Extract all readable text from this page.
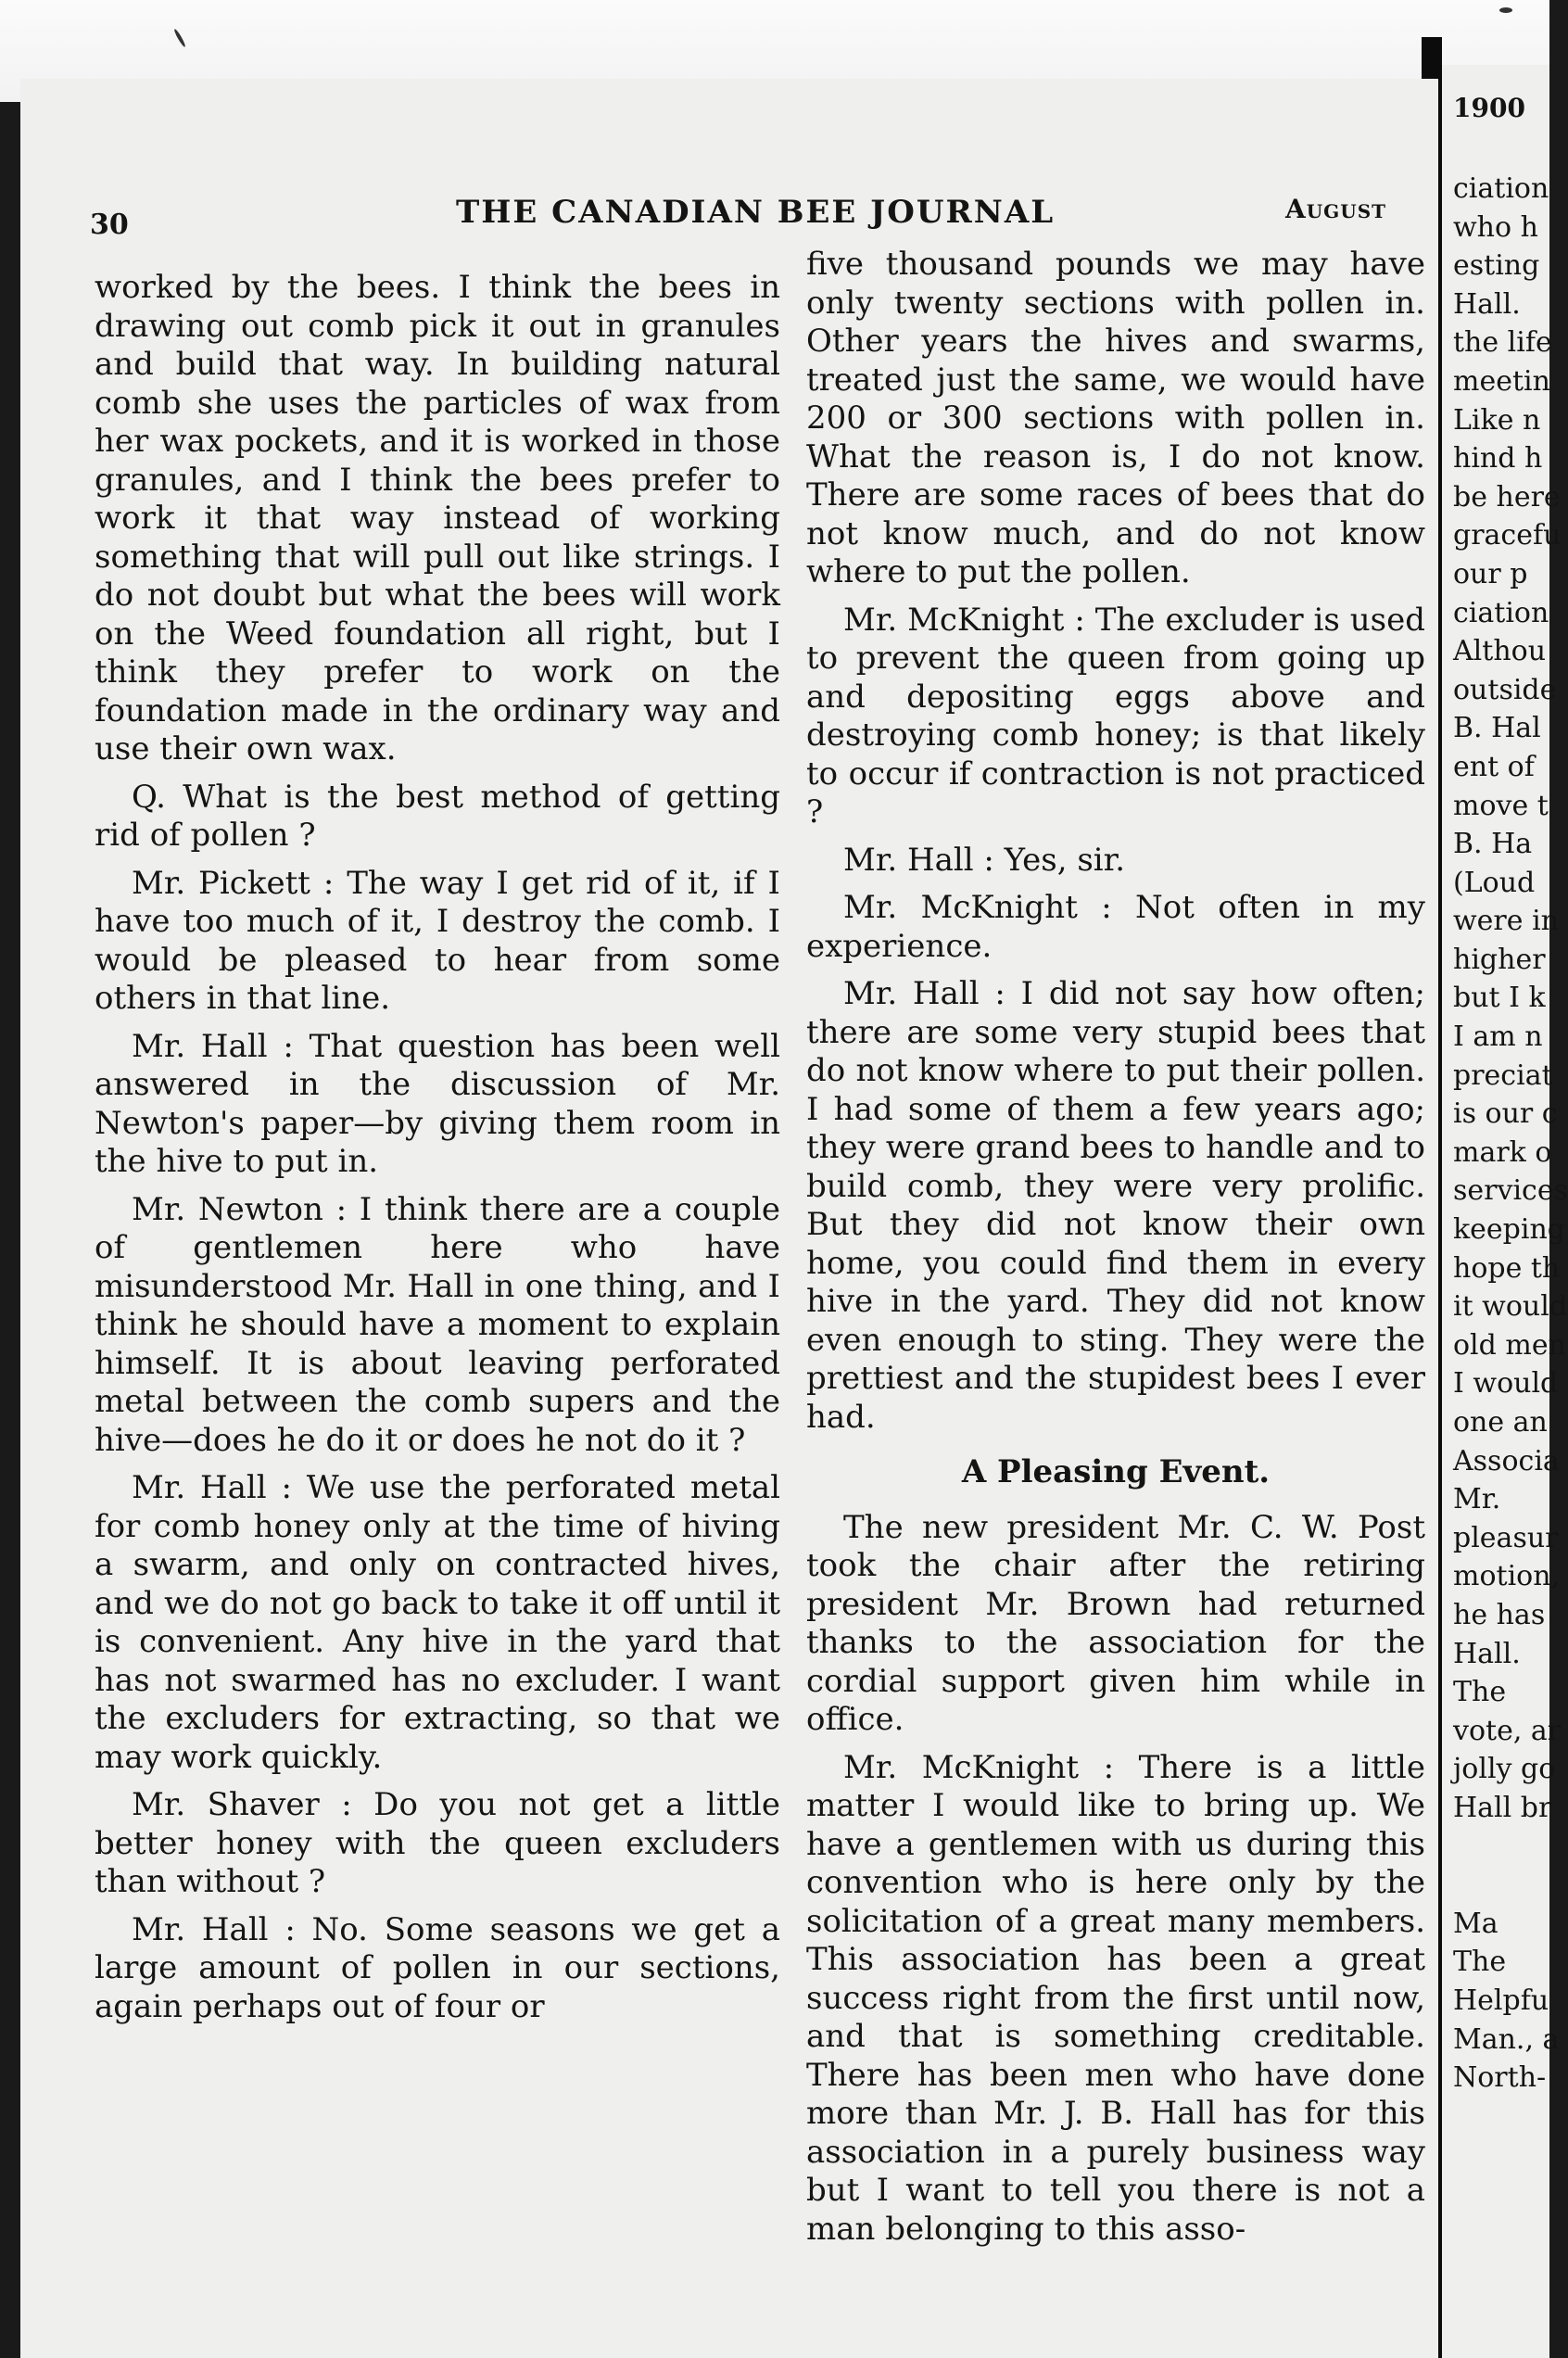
30	THE CANADIAN BEE JOURNAL	August

worked by the bees. I think the bees in drawing out comb pick it out in granules and build that way. In building natural comb she uses the particles of wax from her wax pockets, and it is worked in those granules, and I think the bees prefer to work it that way instead of working something that will pull out like strings. I do not doubt but what the bees will work on the Weed foundation all right, but I think they prefer to work on the foundation made in the ordinary way and use their own wax.

Q. What is the best method of getting rid of pollen ?

Mr. Pickett : The way I get rid of it, if I have too much of it, I destroy the comb. I would be pleased to hear from some others in that line.

Mr. Hall : That question has been well answered in the discussion of Mr. Newton's paper—by giving them room in the hive to put in.

Mr. Newton : I think there are a couple of gentlemen here who have misunderstood Mr. Hall in one thing, and I think he should have a moment to explain himself. It is about leaving perforated metal between the comb supers and the hive—does he do it or does he not do it ?

Mr. Hall : We use the perforated metal for comb honey only at the time of hiving a swarm, and only on contracted hives, and we do not go back to take it off until it is convenient. Any hive in the yard that has not swarmed has no excluder. I want the excluders for extracting, so that we may work quickly.

Mr. Shaver : Do you not get a little better honey with the queen excluders than without ?

Mr. Hall : No. Some seasons we get a large amount of pollen in our sections, again perhaps out of four or

five thousand pounds we may have only twenty sections with pollen in. Other years the hives and swarms, treated just the same, we would have 200 or 300 sections with pollen in. What the reason is, I do not know. There are some races of bees that do not know much, and do not know where to put the pollen.

Mr. McKnight : The excluder is used to prevent the queen from going up and depositing eggs above and destroying comb honey; is that likely to occur if contraction is not practiced ?

Mr. Hall : Yes, sir.

Mr. McKnight : Not often in my experience.

Mr. Hall : I did not say how often; there are some very stupid bees that do not know where to put their pollen. I had some of them a few years ago; they were grand bees to handle and to build comb, they were very prolific. But they did not know their own home, you could find them in every hive in the yard. They did not know even enough to sting. They were the prettiest and the stupidest bees I ever had.

A Pleasing Event.

The new president Mr. C. W. Post took the chair after the retiring president Mr. Brown had returned thanks to the association for the cordial support given him while in office.

Mr. McKnight : There is a little matter I would like to bring up. We have a gentlemen with us during this convention who is here only by the solicitation of a great many members. This association has been a great success right from the first until now, and that is something creditable. There has been men who have done more than Mr. J. B. Hall has for this association in a purely business way but I want to tell you there is not a man belonging to this asso-

1900
ciation
who h
esting
Hall.
the life
meetin
Like n
hind h
be here
gracefu
our p
ciation
Althou
outside
B. Hal
ent of
move t
B. Ha
(Loud
were in
higher
but I k
I am n
preciat
is our c
mark o
services
keeping
hope th
it would
old men
I would
one an
Associa
Mr.
pleasur
motion,
he has
Hall.
The
vote, ar
jolly go
Hall br

Ma
The
Helpfu
Man., a
North-
